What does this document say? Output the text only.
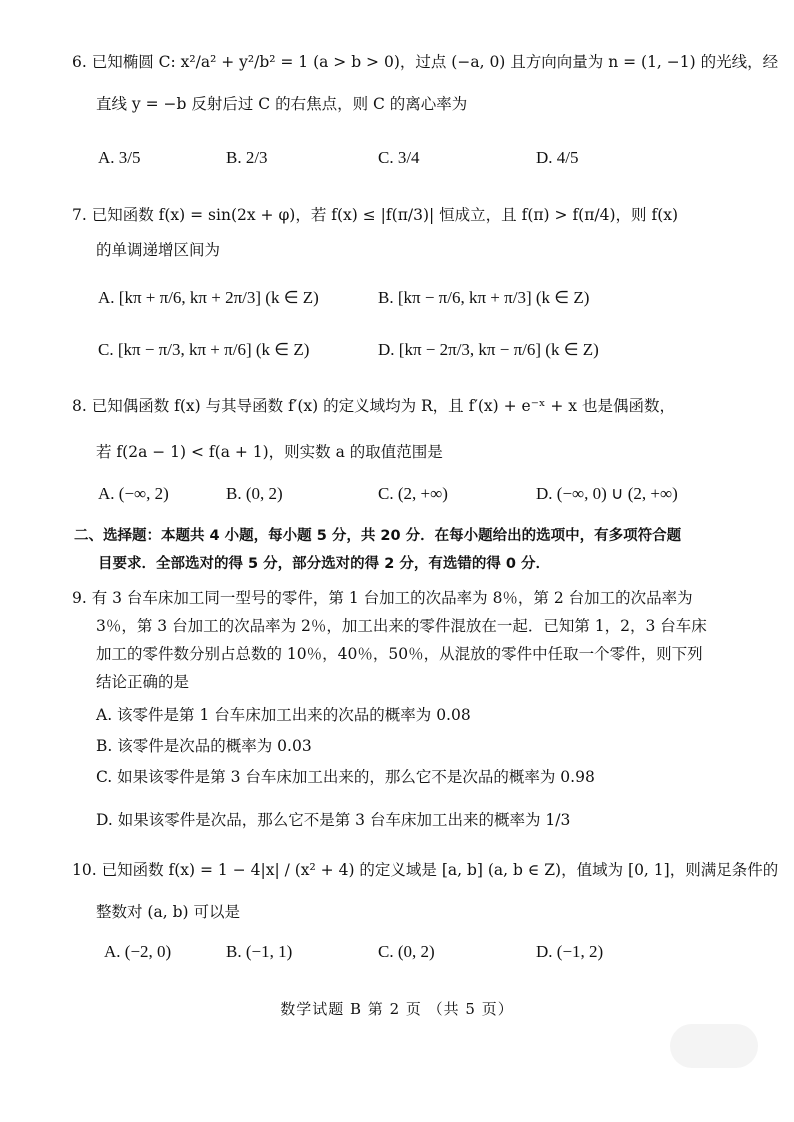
6. 已知椭圆 C: x²/a² + y²/b² = 1 (a > b > 0)，过点 (−a, 0) 且方向向量为 n = (1, −1) 的光线，经
直线 y = −b 反射后过 C 的右焦点，则 C 的离心率为
A. 3/5	B. 2/3	C. 3/4	D. 4/5
7. 已知函数 f(x) = sin(2x + φ)，若 f(x) ≤ |f(π/3)| 恒成立，且 f(π) > f(π/4)，则 f(x)
的单调递增区间为
A. [kπ + π/6, kπ + 2π/3] (k ∈ Z)	B. [kπ − π/6, kπ + π/3] (k ∈ Z)
C. [kπ − π/3, kπ + π/6] (k ∈ Z)	D. [kπ − 2π/3, kπ − π/6] (k ∈ Z)
8. 已知偶函数 f(x) 与其导函数 f′(x) 的定义域均为 R，且 f′(x) + e⁻ˣ + x 也是偶函数，
若 f(2a − 1) < f(a + 1)，则实数 a 的取值范围是
A. (−∞, 2)	B. (0, 2)	C. (2, +∞)	D. (−∞, 0) ∪ (2, +∞)
二、选择题：本题共 4 小题，每小题 5 分，共 20 分．在每小题给出的选项中，有多项符合题
目要求．全部选对的得 5 分，部分选对的得 2 分，有选错的得 0 分．
9. 有 3 台车床加工同一型号的零件，第 1 台加工的次品率为 8％，第 2 台加工的次品率为
3％，第 3 台加工的次品率为 2％，加工出来的零件混放在一起．已知第 1，2，3 台车床
加工的零件数分别占总数的 10％，40％，50％，从混放的零件中任取一个零件，则下列
结论正确的是
A. 该零件是第 1 台车床加工出来的次品的概率为 0.08
B. 该零件是次品的概率为 0.03
C. 如果该零件是第 3 台车床加工出来的，那么它不是次品的概率为 0.98
D. 如果该零件是次品，那么它不是第 3 台车床加工出来的概率为 1/3
10. 已知函数 f(x) = 1 − 4|x| / (x² + 4) 的定义域是 [a, b] (a, b ∈ Z)，值域为 [0, 1]，则满足条件的
整数对 (a, b) 可以是
A. (−2, 0)	B. (−1, 1)	C. (0, 2)	D. (−1, 2)
数学试题 B 第 2 页 （共 5 页）
